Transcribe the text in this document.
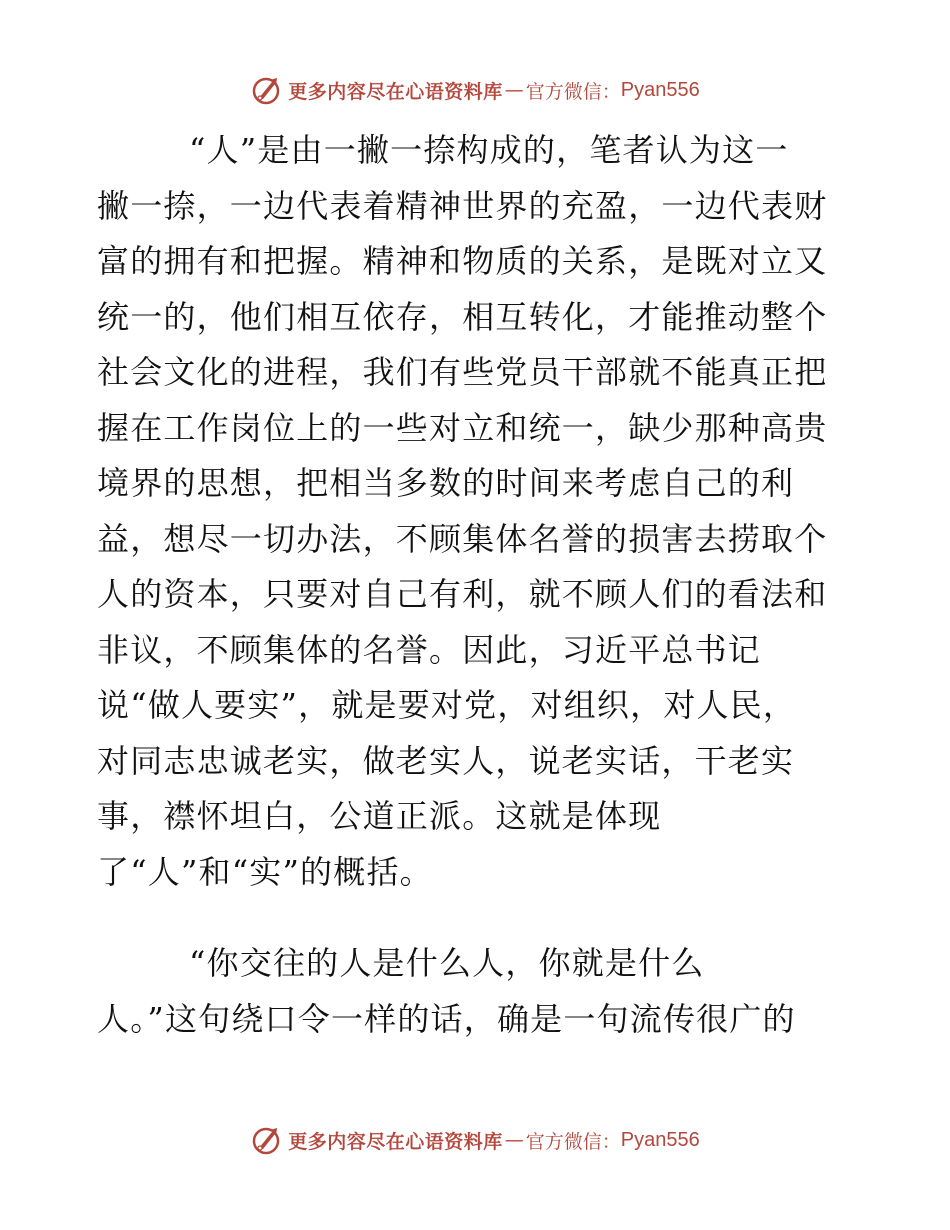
更多内容尽在心语资料库 — 官方微信： Pyan556
“人”是由一撇一捺构成的，笔者认为这一
撇一捺，一边代表着精神世界的充盈，一边代表财
富的拥有和把握。精神和物质的关系，是既对立又
统一的，他们相互依存，相互转化，才能推动整个
社会文化的进程，我们有些党员干部就不能真正把
握在工作岗位上的一些对立和统一，缺少那种高贵
境界的思想，把相当多数的时间来考虑自己的利
益，想尽一切办法，不顾集体名誉的损害去捞取个
人的资本，只要对自己有利，就不顾人们的看法和
非议，不顾集体的名誉。因此，习近平总书记
说“做人要实”，就是要对党，对组织，对人民，
对同志忠诚老实，做老实人，说老实话，干老实
事，襟怀坦白，公道正派。这就是体现
了“人”和“实”的概括。
“你交往的人是什么人，你就是什么
人。”这句绕口令一样的话，确是一句流传很广的
更多内容尽在心语资料库 — 官方微信： Pyan556
